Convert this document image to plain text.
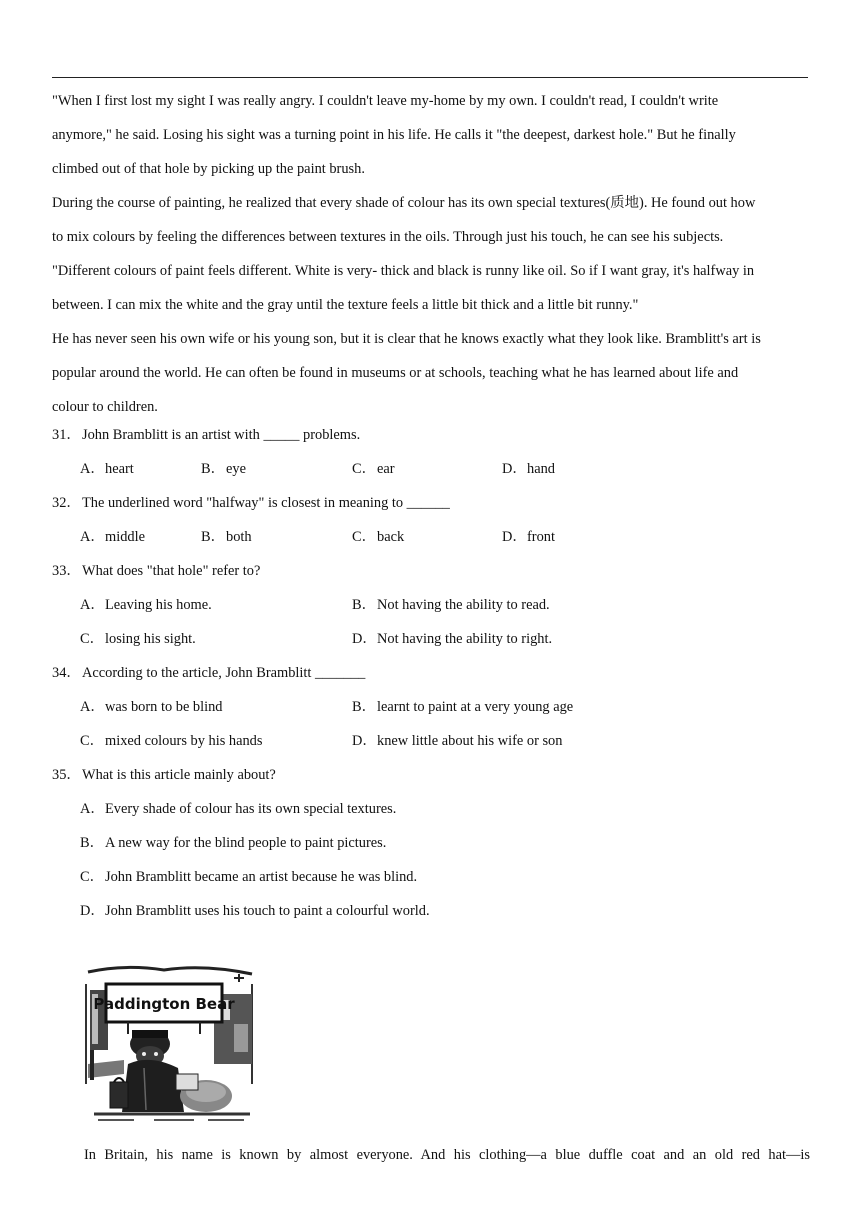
"When I first lost my sight I was really angry. I couldn't leave my-home by my own. I couldn't read, I couldn't write

anymore," he said. Losing his sight was a turning point in his life. He calls it "the deepest, darkest hole." But he finally

climbed out of that hole by picking up the paint brush.

During the course of painting, he realized that every shade of colour has its own special textures(质地). He found out how

to mix colours by feeling the differences between textures in the oils. Through just his touch, he can see his subjects.

"Different colours of paint feels different. White is very- thick and black is runny like oil. So if I want gray, it's halfway in

between. I can mix the white and the gray until the texture feels a little bit thick and a little bit runny."

He has never seen his own wife or his young son, but it is clear that he knows exactly what they look like. Bramblitt's art is

popular around the world. He can often be found in museums or at schools, teaching what he has learned about life and

colour to children.

31．John Bramblitt is an artist with _____ problems.

A．heart	B．eye	C．ear	D．hand

32．The underlined word "halfway" is closest in meaning to ______

A．middle	B．both	C．back	D．front

33．What does "that hole" refer to?

A．Leaving his home.	B．Not having the ability to read.
C．losing his sight.	D．Not having the ability to right.

34．According to the article, John Bramblitt _______

A．was born to be blind	B．learnt to paint at a very young age
C．mixed colours by his hands	D．knew little about his wife or son

35．What is this article mainly about?

A．Every shade of colour has its own special textures.
B．A new way for the blind people to paint pictures.
C．John Bramblitt became an artist because he was blind.
D．John Bramblitt uses his touch to paint a colourful world.
Paddington Bear
In Britain, his name is known by almost everyone. And his clothing—a blue duffle coat and an old red hat—is
